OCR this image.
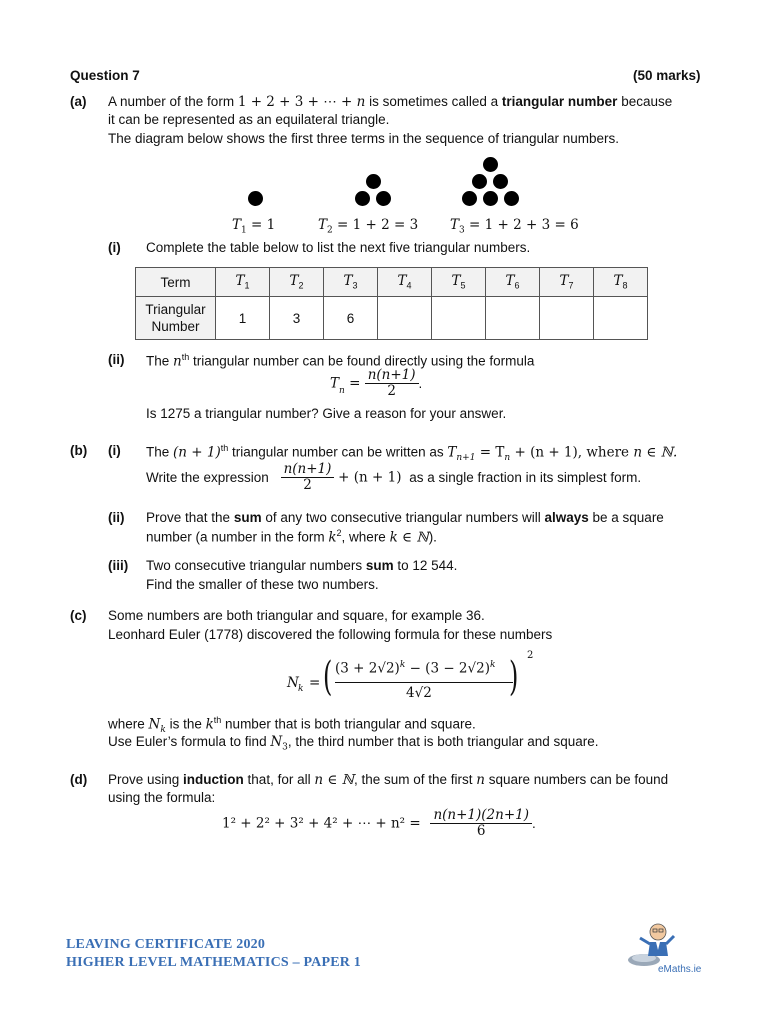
Question 7	(50 marks)
(a) A number of the form 1 + 2 + 3 + ⋯ + n is sometimes called a triangular number because
it can be represented as an equilateral triangle.
The diagram below shows the first three terms in the sequence of triangular numbers.
$T_1 = 1$	$T_2 = 1 + 2 = 3$ $T_3 = 1 + 2 + 3 = 6$
(i) Complete the table below to list the next five triangular numbers.
Term	$T_1$	$T_2$	$T_3$	$T_4$	$T_5$	$T_6$	$T_7$	$T_8$
Triangular
Number	1	3	6					
(ii) The $n^{th}$ triangular number can be found directly using the formula
$T_n = \frac{n(n+1)}{2}$ .
Is 1275 a triangular number? Give a reason for your answer.
(b) (i) The $(n + 1)^{th}$ triangular number can be written as $T_{n+1} = T_n + (n + 1)$, where n ∈ ℕ.
Write the expression $\frac{n(n+1)}{2} + (n + 1)$ as a single fraction in its simplest form.
(ii) Prove that the sum of any two consecutive triangular numbers will always be a square
number (a number in the form $k^2$, where k ∈ ℕ).
(iii) Two consecutive triangular numbers sum to 12 544.
Find the smaller of these two numbers.
(c) Some numbers are both triangular and square, for example 36.
Leonhard Euler (1778) discovered the following formula for these numbers
N k = ( $(3 + 2√2)^k - (3 - 2√2)^k$
4√2 ) 2
where $N_k$ is the $k^{th}$ number that is both triangular and square.
Use Euler’s formula to find $N_3$, the third number that is both triangular and square.
(d) Prove using induction that, for all n ∈ ℕ, the sum of the first n square numbers can be found
using the formula:
1² + 2² + 3² + 4² + ⋯ + $n^2 = \frac{n(n+1)(2n+1)}{6}$ .
LEAVING CERTIFICATE 2020
HIGHER LEVEL MATHEMATICS – PAPER 1	eMaths.ie
